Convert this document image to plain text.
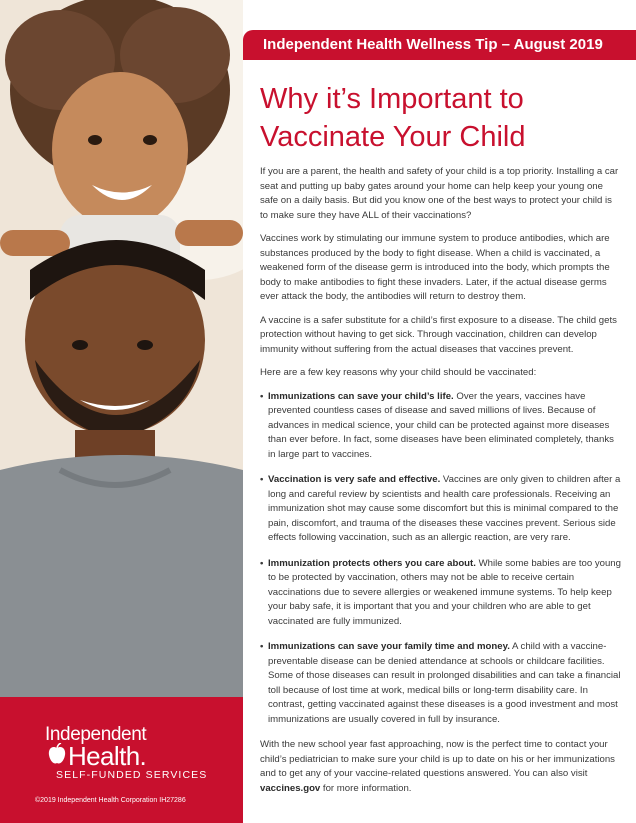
Independent
Health.
SELF-FUNDED SERVICES
©2019 Independent Health Corporation IH27286
Independent Health Wellness Tip – August 2019
Why it’s Important to
Vaccinate Your Child

If you are a parent, the health and safety of your child is a top priority. Installing a car seat and putting up baby gates around your home can help keep your young one safe on a daily basis. But did you know one of the best ways to protect your child is to make sure they have ALL of their vaccinations?

Vaccines work by stimulating our immune system to produce antibodies, which are substances produced by the body to fight disease. When a child is vaccinated, a weakened form of the disease germ is introduced into the body, which prompts the body to make antibodies to fight these invaders. Later, if the actual disease germs ever attack the body, the antibodies will return to destroy them.

A vaccine is a safer substitute for a child’s first exposure to a disease. The child gets protection without having to get sick. Through vaccination, children can develop immunity without suffering from the actual diseases that vaccines prevent.

Here are a few key reasons why your child should be vaccinated:

• Immunizations can save your child’s life. Over the years, vaccines have prevented countless cases of disease and saved millions of lives. Because of advances in medical science, your child can be protected against more diseases than ever before. In fact, some diseases have been eliminated completely, thanks in large part to vaccines.
• Vaccination is very safe and effective. Vaccines are only given to children after a long and careful review by scientists and health care professionals. Receiving an immunization shot may cause some discomfort but this is minimal compared to the pain, discomfort, and trauma of the diseases these vaccines prevent. Serious side effects following vaccination, such as an allergic reaction, are very rare.
• Immunization protects others you care about. While some babies are too young to be protected by vaccination, others may not be able to receive certain vaccinations due to severe allergies or weakened immune systems. To help keep your baby safe, it is important that you and your children who are able to get vaccinated are fully immunized.
• Immunizations can save your family time and money. A child with a vaccine-preventable disease can be denied attendance at schools or childcare facilities. Some of those diseases can result in prolonged disabilities and can take a financial toll because of lost time at work, medical bills or long-term disability care. In contrast, getting vaccinated against these diseases is a good investment and most immunizations are usually covered in full by insurance.

With the new school year fast approaching, now is the perfect time to contact your child’s pediatrician to make sure your child is up to date on his or her immunizations and to get any of your vaccine-related questions answered. You can also visit vaccines.gov for more information.
